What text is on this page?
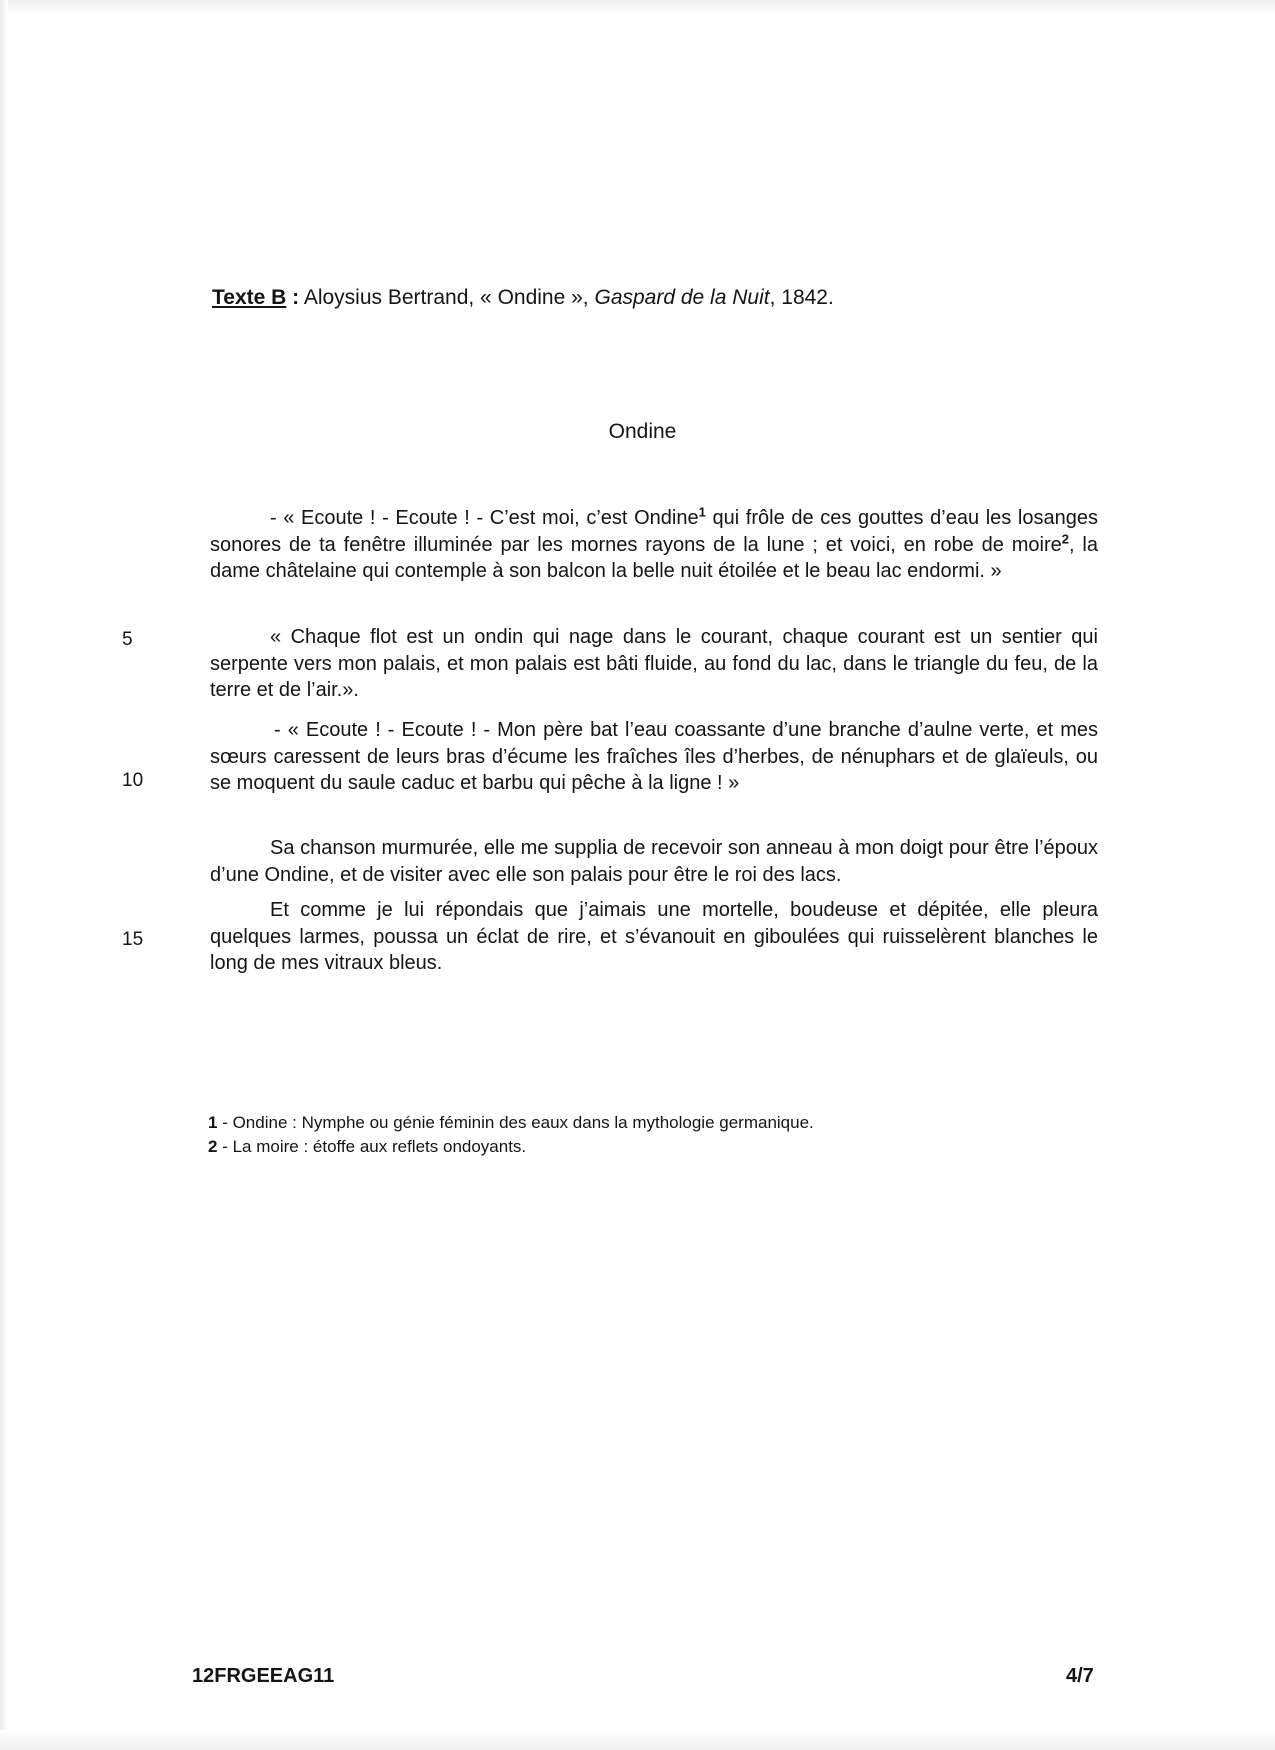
Texte B : Aloysius Bertrand, « Ondine », Gaspard de la Nuit, 1842.
Ondine

- « Ecoute ! - Ecoute ! - C’est moi, c’est Ondine$^1$ qui frôle de ces gouttes d’eau les losanges sonores de ta fenêtre illuminée par les mornes rayons de la lune ; et voici, en robe de moire$^2$, la dame châtelaine qui contemple à son balcon la belle nuit étoilée et le beau lac endormi. »

« Chaque flot est un ondin qui nage dans le courant, chaque courant est un sentier qui serpente vers mon palais, et mon palais est bâti fluide, au fond du lac, dans le triangle du feu, de la terre et de l’air.».

- « Ecoute ! - Ecoute ! - Mon père bat l’eau coassante d’une branche d’aulne verte, et mes sœurs caressent de leurs bras d’écume les fraîches îles d’herbes, de nénuphars et de glaïeuls, ou se moquent du saule caduc et barbu qui pêche à la ligne ! »

Sa chanson murmurée, elle me supplia de recevoir son anneau à mon doigt pour être l’époux d’une Ondine, et de visiter avec elle son palais pour être le roi des lacs.

Et comme je lui répondais que j’aimais une mortelle, boudeuse et dépitée, elle pleura quelques larmes, poussa un éclat de rire, et s’évanouit en giboulées qui ruisselèrent blanches le long de mes vitraux bleus.

5
10
15
1 - Ondine : Nymphe ou génie féminin des eaux dans la mythologie germanique.
2 - La moire : étoffe aux reflets ondoyants.
12FRGEEAG11	4/7
